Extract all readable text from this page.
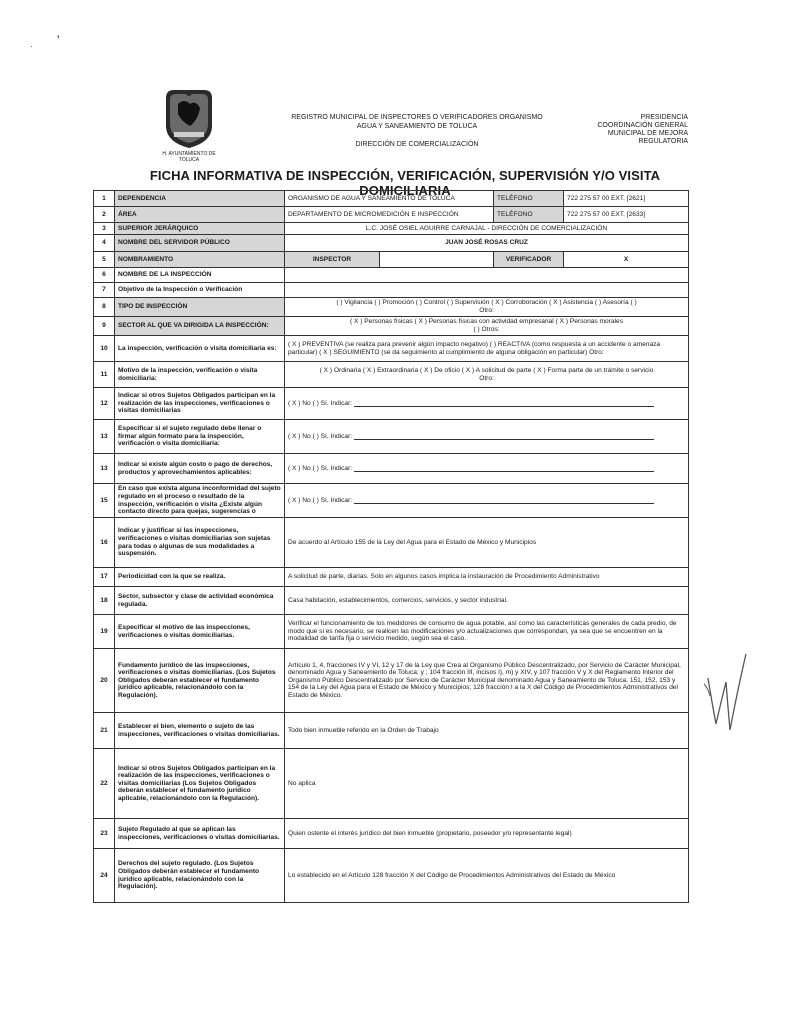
·
❜
H. AYUNTAMIENTO DE TOLUCA
REGISTRO MUNICIPAL DE INSPECTORES O VERIFICADORES ORGANISMO
AGUA Y SANEAMIENTO DE TOLUCA
DIRECCIÓN DE COMERCIALIZACIÓN
PRESIDENCIA
COORDINACIÓN GENERAL
MUNICIPAL DE MEJORA
REGULATORIA
FICHA INFORMATIVA DE INSPECCIÓN, VERIFICACIÓN, SUPERVISIÓN Y/O VISITA DOMICILIARIA
1	DEPENDENCIA	ORGANISMO DE AGUA Y SANEAMIENTO DE TOLUCA		TELÉFONO	722 275 57 00 EXT. [2621]
2	ÁREA	DEPARTAMENTO DE MICROMEDICIÓN E INSPECCIÓN		TELÉFONO	722 275 57 00 EXT. [2633]
3	SUPERIOR JERÁRQUICO	L.C. JOSÉ OSIEL AGUIRRE CARNAJAL - DIRECCIÓN DE COMERCIALIZACIÓN			
4	NOMBRE DEL SERVIDOR PÚBLICO	JUAN JOSÉ ROSAS CRUZ			
5	NOMBRAMIENTO	INSPECTOR		VERIFICADOR	X
6	NOMBRE DE LA INSPECCIÓN				
7	Objetivo de la Inspección o Verificación				
8	TIPO DE INSPECCIÓN	( ) Vigilancia ( ) Promoción ( ) Control ( ) Supervisión ( X ) Corroboración ( X ) Asistencia ( ) Asesoría ( )
Otro:			

9	SECTOR AL QUE VA DIRIGIDA LA INSPECCIÓN:	( X ) Personas físicas ( X ) Personas físicas con actividad empresarial ( X ) Personas morales
( ) Otros:			

10	La inspección, verificación o visita domiciliaria es:	( X ) PREVENTIVA (se realiza para prevenir algún impacto negativo) ( ) REACTIVA (como respuesta a un accidente o amenaza particular) ( X ) SEGUIMIENTO (se da seguimiento al cumplimiento de alguna obligación en particular) Otro:			
11	Motivo de la inspección, verificación o visita domiciliaria:	( X ) Ordinaria ( X ) Extraordinaria ( X ) De oficio ( X ) A solicitud de parte ( X ) Forma parte de un trámite o servicio
Otro:			

12	Indicar si otros Sujetos Obligados participan en la realización de las inspecciones, verificaciones o visitas domiciliarias	( X ) No ( ) Sí. Indicar:			
13	Especificar si el sujeto regulado debe llenar o firmar algún formato para la inspección, verificación o visita domiciliaria:	( X ) No ( ) Sí, Indicar:			
13	Indicar si existe algún costo o pago de derechos, productos y aprovechamientos aplicables:	( X ) No ( ) Sí, Indicar:			
15	En caso que exista alguna inconformidad del sujeto regulado en el proceso o resultado de la inspección, verificación o visita ¿Existe algún contacto directo para quejas, sugerencias o	( X ) No ( ) Sí, Indicar:			
16	Indicar y justificar si las inspecciones, verificaciones o visitas domiciliarias son sujetas para todas o algunas de sus modalidades a suspensión.	De acuerdo al Artículo 155 de la Ley del Agua para el Estado de México y Municipios			
17	Periodicidad con la que se realiza.	A solicitud de parte, diarias. Solo en algunos casos implica la instauración de Procedimiento Administrativo			
18	Sector, subsector y clase de actividad económica regulada.	Casa habitación, establecimientos, comercios, servicios, y sector industrial.			
19	Especificar el motivo de las inspecciones, verificaciones o visitas domiciliarias.	Verificar el funcionamiento de los medidores de consumo de agua potable, así como las características generales de cada predio, de modo que si es necesario, se realicen las modificaciones y/o actualizaciones que correspondan, ya sea que se encuentren en la modalidad de tarifa fija o servicio medido, según sea el caso.			
20	Fundamento jurídico de las inspecciones, verificaciones o visitas domiciliarias. (Los Sujetos Obligados deberán establecer el fundamento jurídico aplicable, relacionándolo con la Regulación).	Artículo 1, 4, fracciones IV y VI, 12 y 17 de la Ley que Crea al Organismo Público Descentralizado, por Servicio de Carácter Municipal, denominado Agua y Saneamiento de Toluca; y ; 104 fracción III, incisos i), m) y XIV, y 107 fracción V y X del Reglamento Interior del Organismo Público Descentralizado por Servicio de Carácter Municipal denominado Agua y Saneamiento de Toluca, 151, 152, 153 y 154 de la Ley del Agua para el Estado de México y Municipios; 128 fracción I a la X del Código de Procedimientos Administrativos del Estado de México.			
21	Establecer el bien, elemento o sujeto de las inspecciones, verificaciones o visitas domiciliarias.	Todo bien inmueble referido en la Orden de Trabajo			
22	Indicar si otros Sujetos Obligados participan en la realización de las inspecciones, verificaciones o visitas domiciliarias (Los Sujetos Obligados deberán establecer el fundamento jurídico aplicable, relacionándolo con la Regulación).	No aplica			
23	Sujeto Regulado al que se aplican las inspecciones, verificaciones o visitas domiciliarias.	Quien ostente el interés jurídico del bien inmueble (propietario, poseedor y/o representante legal)			
24	Derechos del sujeto regulado. (Los Sujetos Obligados deberán establecer el fundamento jurídico aplicable, relacionándolo con la Regulación).	Lo establecido en el Artículo 128 fracción X del Código de Procedimientos Administrativos del Estado de México			
